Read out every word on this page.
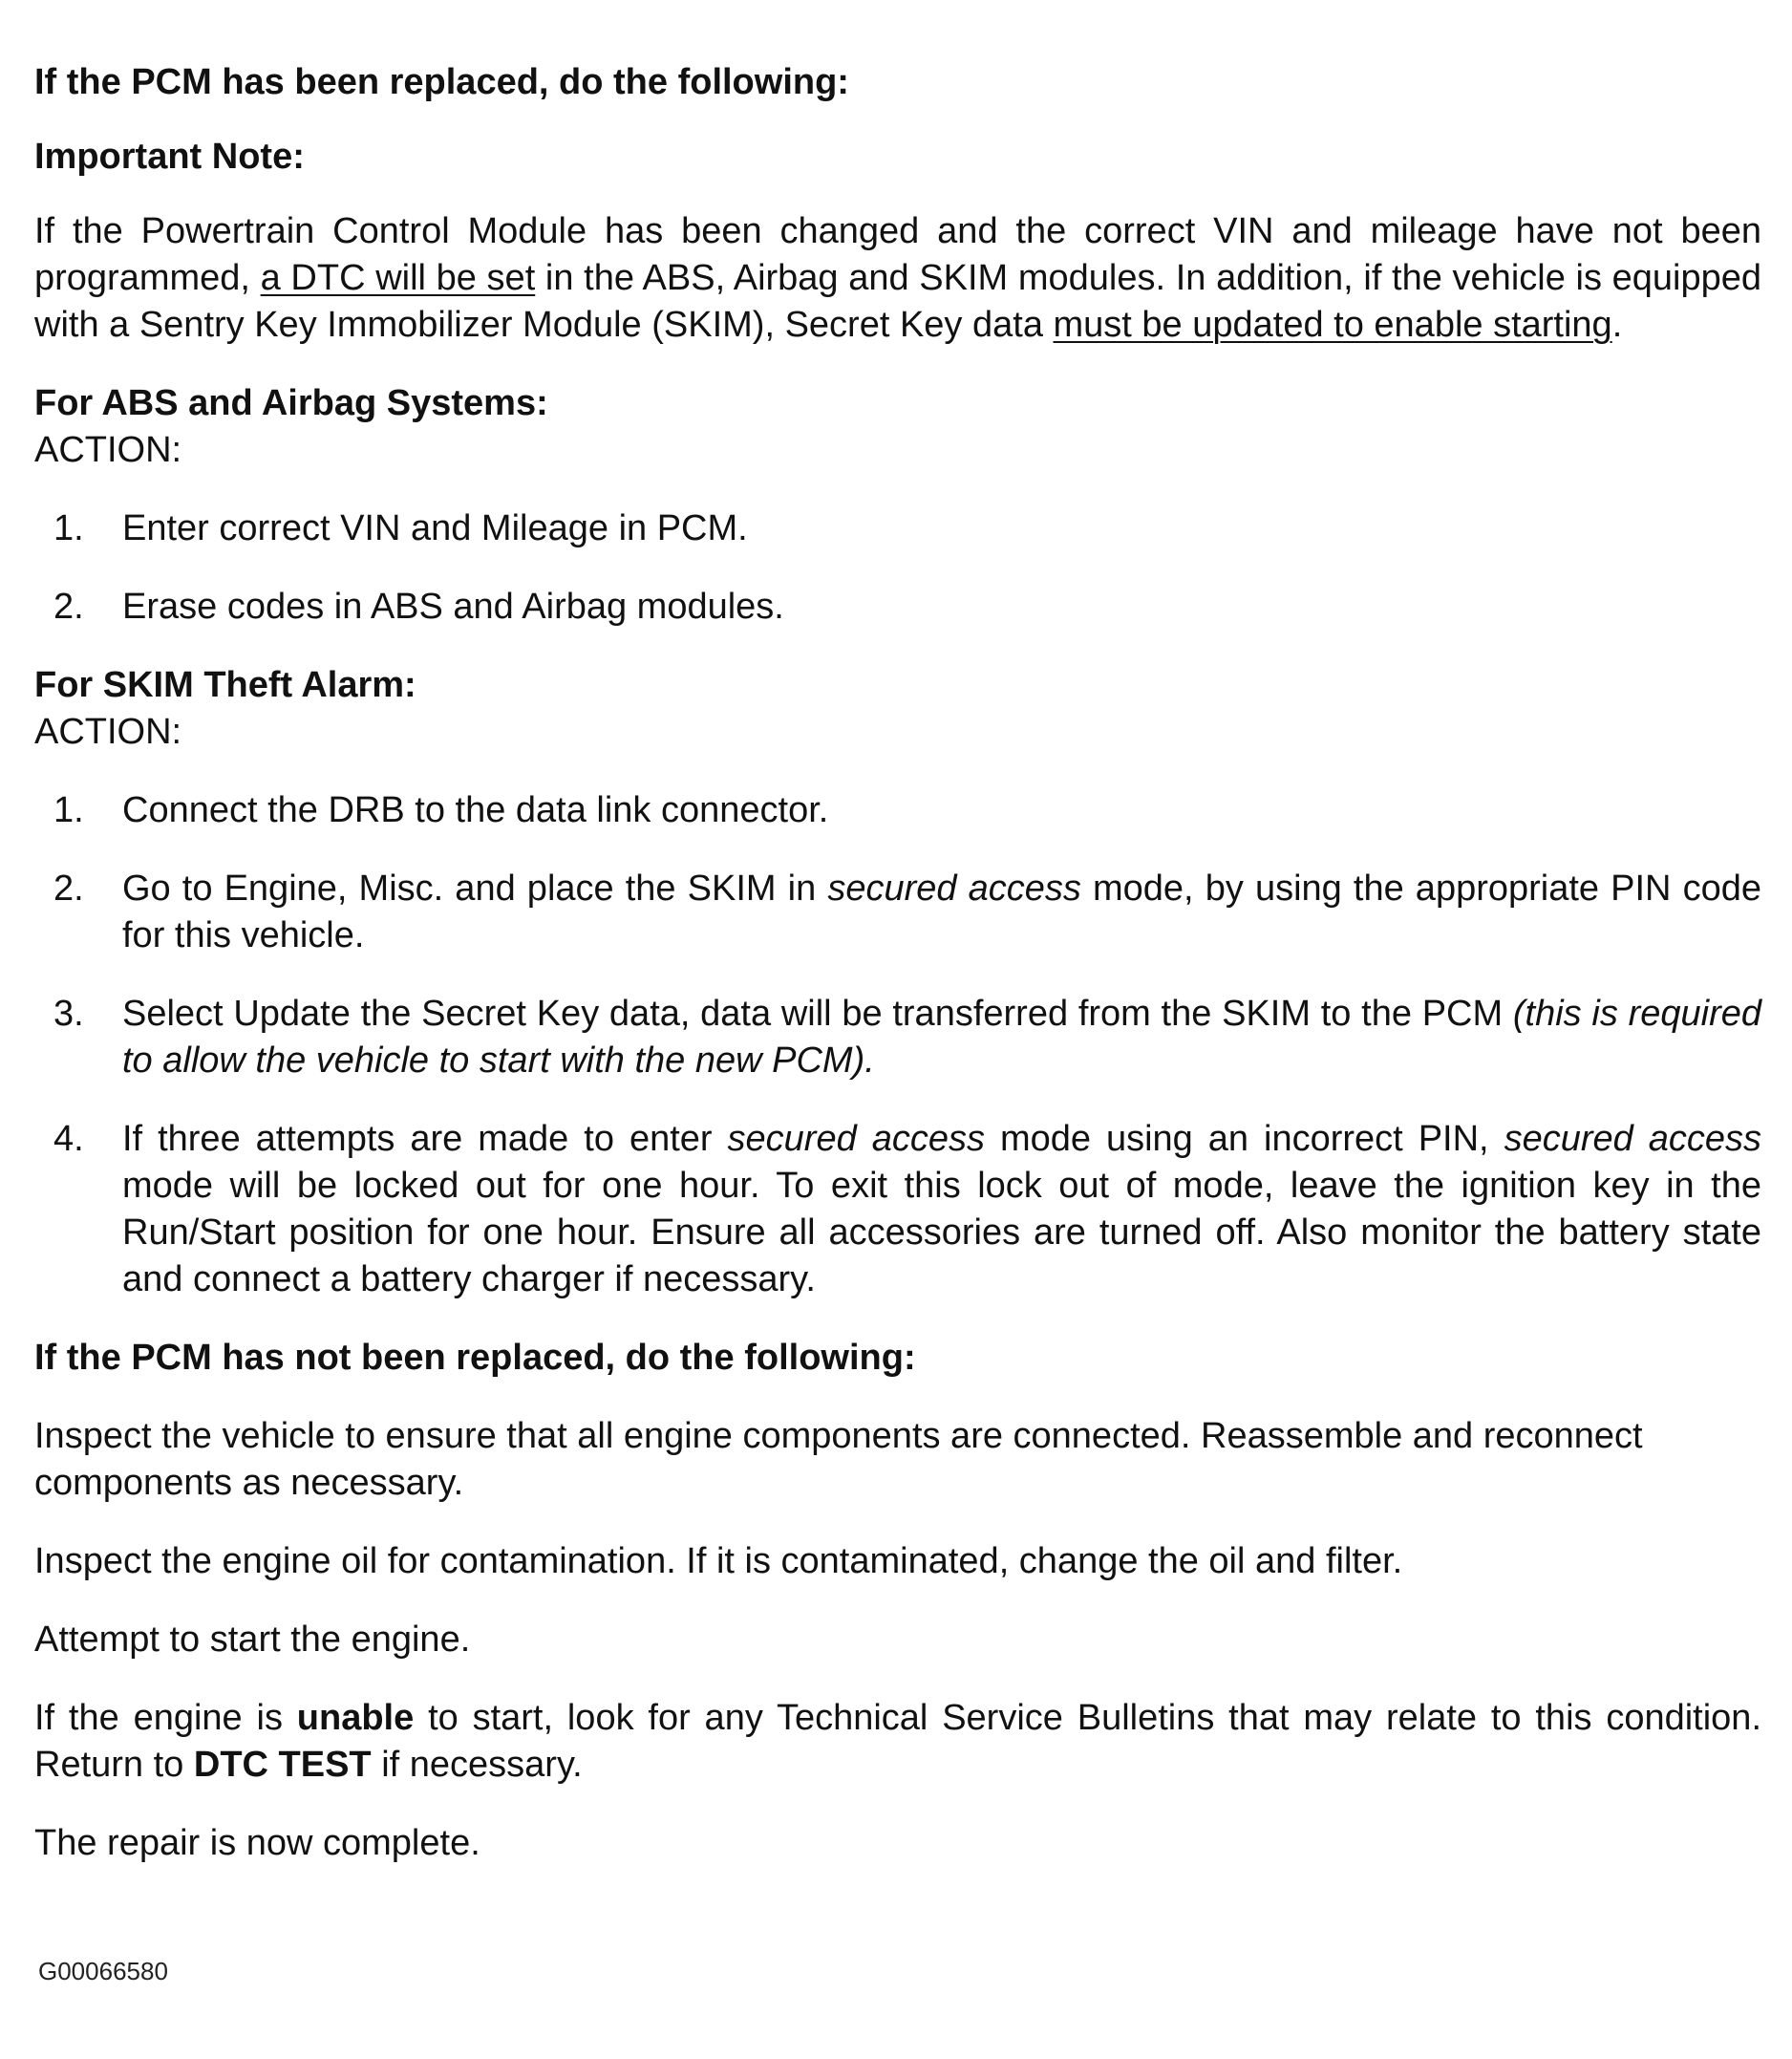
If the PCM has been replaced, do the following:

Important Note:

If the Powertrain Control Module has been changed and the correct VIN and mileage have not been programmed, a DTC will be set in the ABS, Airbag and SKIM modules. In addition, if the vehicle is equipped with a Sentry Key Immobilizer Module (SKIM), Secret Key data must be updated to enable starting.

For ABS and Airbag Systems:

ACTION:

1. Enter correct VIN and Mileage in PCM.
2. Erase codes in ABS and Airbag modules.

For SKIM Theft Alarm:

ACTION:

1. Connect the DRB to the data link connector.
2. Go to Engine, Misc. and place the SKIM in secured access mode, by using the appropriate PIN code for this vehicle.
3. Select Update the Secret Key data, data will be transferred from the SKIM to the PCM (this is required to allow the vehicle to start with the new PCM).
4. If three attempts are made to enter secured access mode using an incorrect PIN, secured access mode will be locked out for one hour. To exit this lock out of mode, leave the ignition key in the Run/Start position for one hour. Ensure all accessories are turned off. Also monitor the battery state and connect a battery charger if necessary.

If the PCM has not been replaced, do the following:

Inspect the vehicle to ensure that all engine components are connected. Reassemble and reconnect components as necessary.

Inspect the engine oil for contamination. If it is contaminated, change the oil and filter.

Attempt to start the engine.

If the engine is unable to start, look for any Technical Service Bulletins that may relate to this condition. Return to DTC TEST if necessary.

The repair is now complete.

G00066580
